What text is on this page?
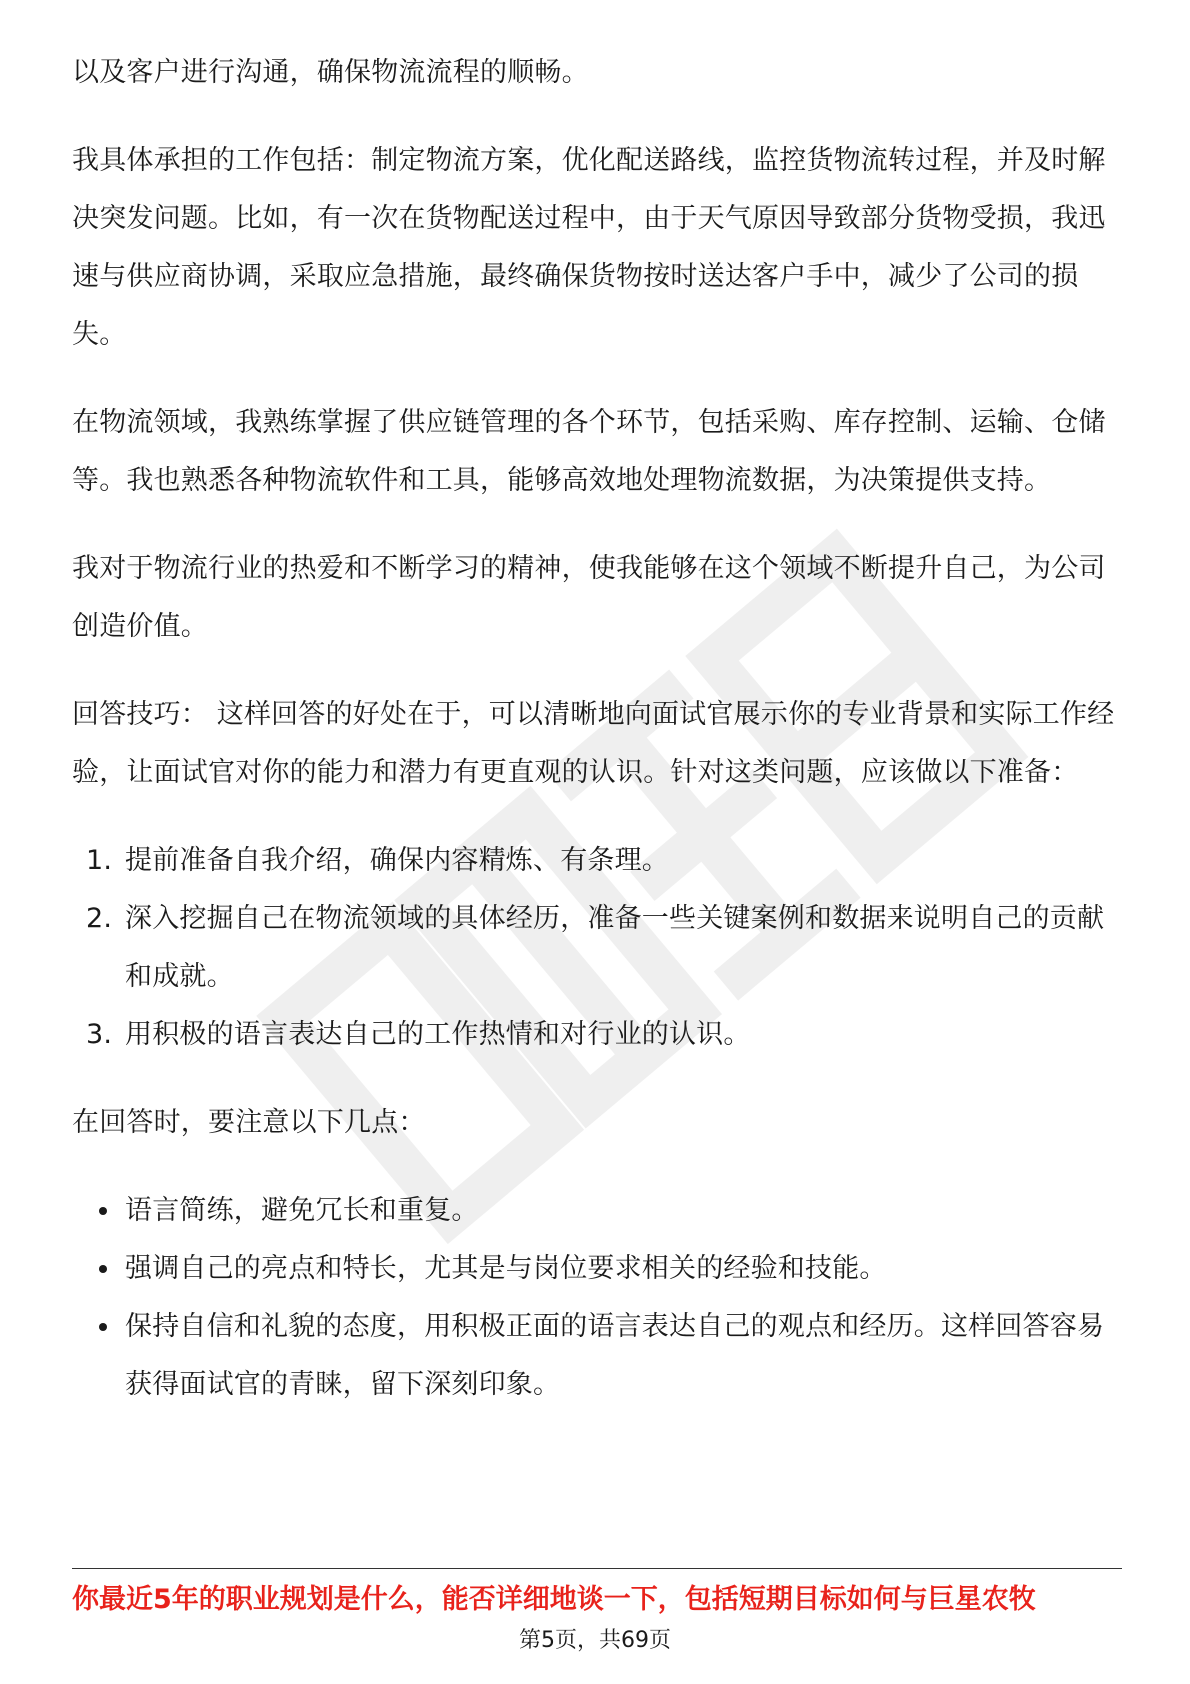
以及客户进行沟通，确保物流流程的顺畅。

我具体承担的工作包括：制定物流方案，优化配送路线，监控货物流转过程，并及时解决突发问题。比如，有一次在货物配送过程中，由于天气原因导致部分货物受损，我迅速与供应商协调，采取应急措施，最终确保货物按时送达客户手中，减少了公司的损失。

在物流领域，我熟练掌握了供应链管理的各个环节，包括采购、库存控制、运输、仓储等。我也熟悉各种物流软件和工具，能够高效地处理物流数据，为决策提供支持。

我对于物流行业的热爱和不断学习的精神，使我能够在这个领域不断提升自己，为公司创造价值。

回答技巧： 这样回答的好处在于，可以清晰地向面试官展示你的专业背景和实际工作经验，让面试官对你的能力和潜力有更直观的认识。针对这类问题，应该做以下准备：

1. 提前准备自我介绍，确保内容精炼、有条理。
2. 深入挖掘自己在物流领域的具体经历，准备一些关键案例和数据来说明自己的贡献和成就。
3. 用积极的语言表达自己的工作热情和对行业的认识。

在回答时，要注意以下几点：

语言简练，避免冗长和重复。
强调自己的亮点和特长，尤其是与岗位要求相关的经验和技能。
保持自信和礼貌的态度，用积极正面的语言表达自己的观点和经历。这样回答容易获得面试官的青睐，留下深刻印象。
你最近5年的职业规划是什么，能否详细地谈一下，包括短期目标如何与巨星农牧
第5页，共69页
